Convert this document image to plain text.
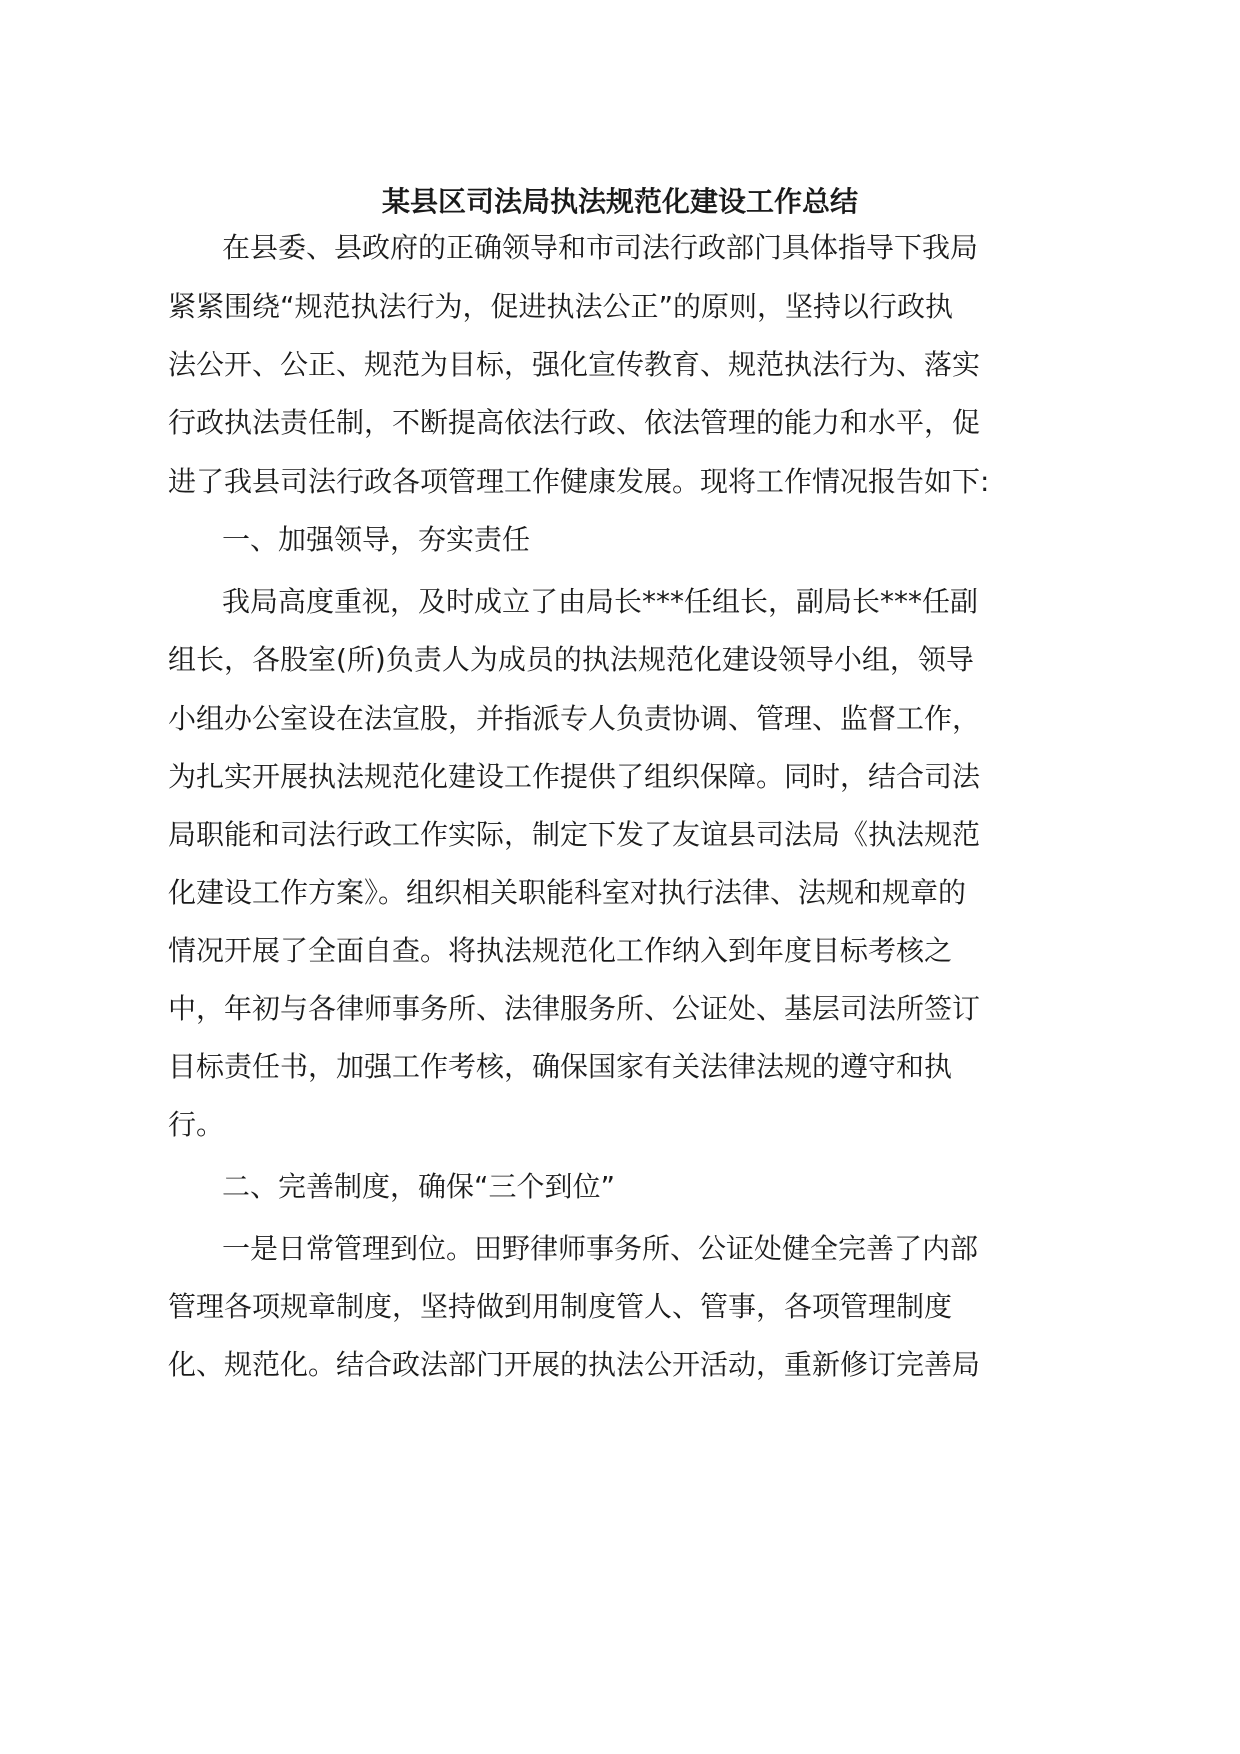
某县区司法局执法规范化建设工作总结

在县委、县政府的正确领导和市司法行政部门具体指导下我局

紧紧围绕“规范执法行为，促进执法公正”的原则，坚持以行政执

法公开、公正、规范为目标，强化宣传教育、规范执法行为、落实

行政执法责任制，不断提高依法行政、依法管理的能力和水平，促

进了我县司法行政各项管理工作健康发展。现将工作情况报告如下:

一、加强领导，夯实责任

我局高度重视，及时成立了由局长***任组长，副局长***任副

组长，各股室(所)负责人为成员的执法规范化建设领导小组，领导

小组办公室设在法宣股，并指派专人负责协调、管理、监督工作，

为扎实开展执法规范化建设工作提供了组织保障。同时，结合司法

局职能和司法行政工作实际，制定下发了友谊县司法局《执法规范

化建设工作方案》。组织相关职能科室对执行法律、法规和规章的

情况开展了全面自查。将执法规范化工作纳入到年度目标考核之

中，年初与各律师事务所、法律服务所、公证处、基层司法所签订

目标责任书，加强工作考核，确保国家有关法律法规的遵守和执

行。

二、完善制度，确保“三个到位”

一是日常管理到位。田野律师事务所、公证处健全完善了内部

管理各项规章制度，坚持做到用制度管人、管事，各项管理制度

化、规范化。结合政法部门开展的执法公开活动，重新修订完善局
